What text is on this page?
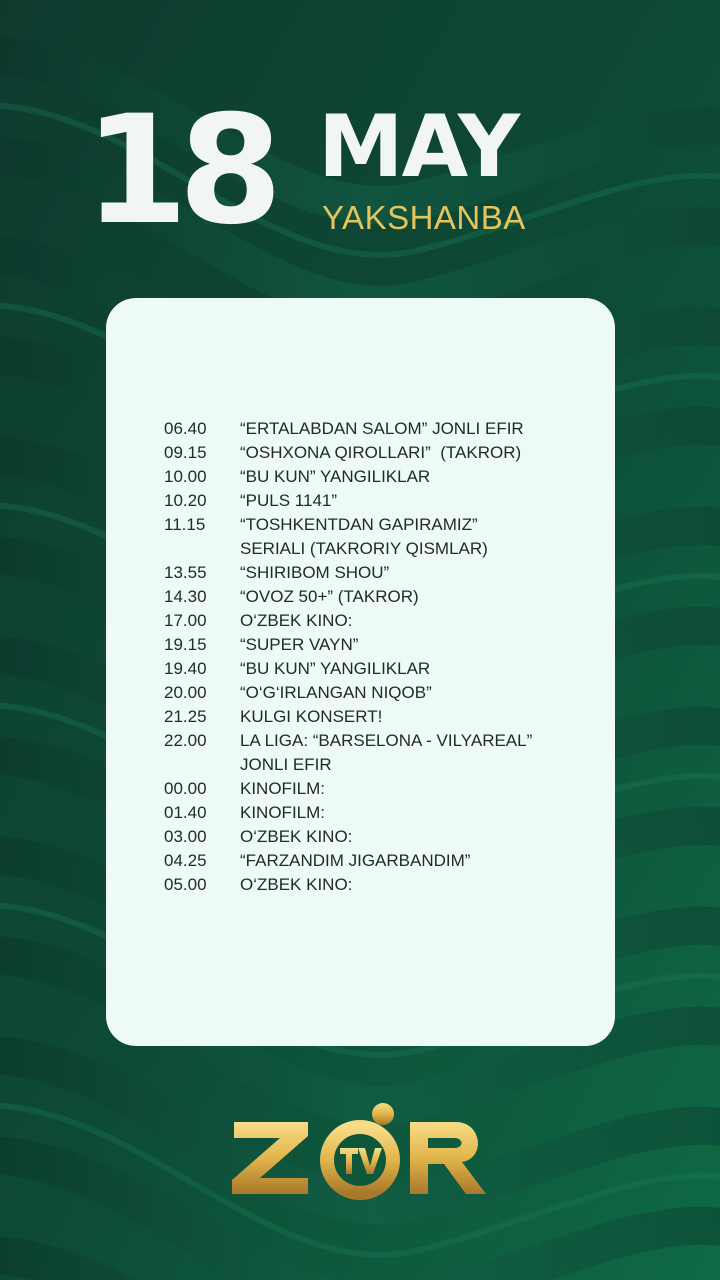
18 MAY
YAKSHANBA
06.40	“ERTALABDAN SALOM” JONLI EFIR
09.15	“OSHXONA QIROLLARI”  (TAKROR)
10.00	“BU KUN” YANGILIKLAR
10.20	“PULS 1141”
11.15	“TOSHKENTDAN GAPIRAMIZ”
SERIALI (TAKRORIY QISMLAR)
13.55	“SHIRIBOM SHOU”
14.30	“OVOZ 50+” (TAKROR)
17.00	O‘ZBEK KINO:
19.15	“SUPER VAYN”
19.40	“BU KUN” YANGILIKLAR
20.00	“O‘G‘IRLANGAN NIQOB”
21.25	KULGI KONSERT!
22.00	LA LIGA: “BARSELONA - VILYAREAL”
JONLI EFIR
00.00	KINOFILM:
01.40	KINOFILM:
03.00	O‘ZBEK KINO:
04.25	“FARZANDIM JIGARBANDIM”
05.00	O‘ZBEK KINO:
